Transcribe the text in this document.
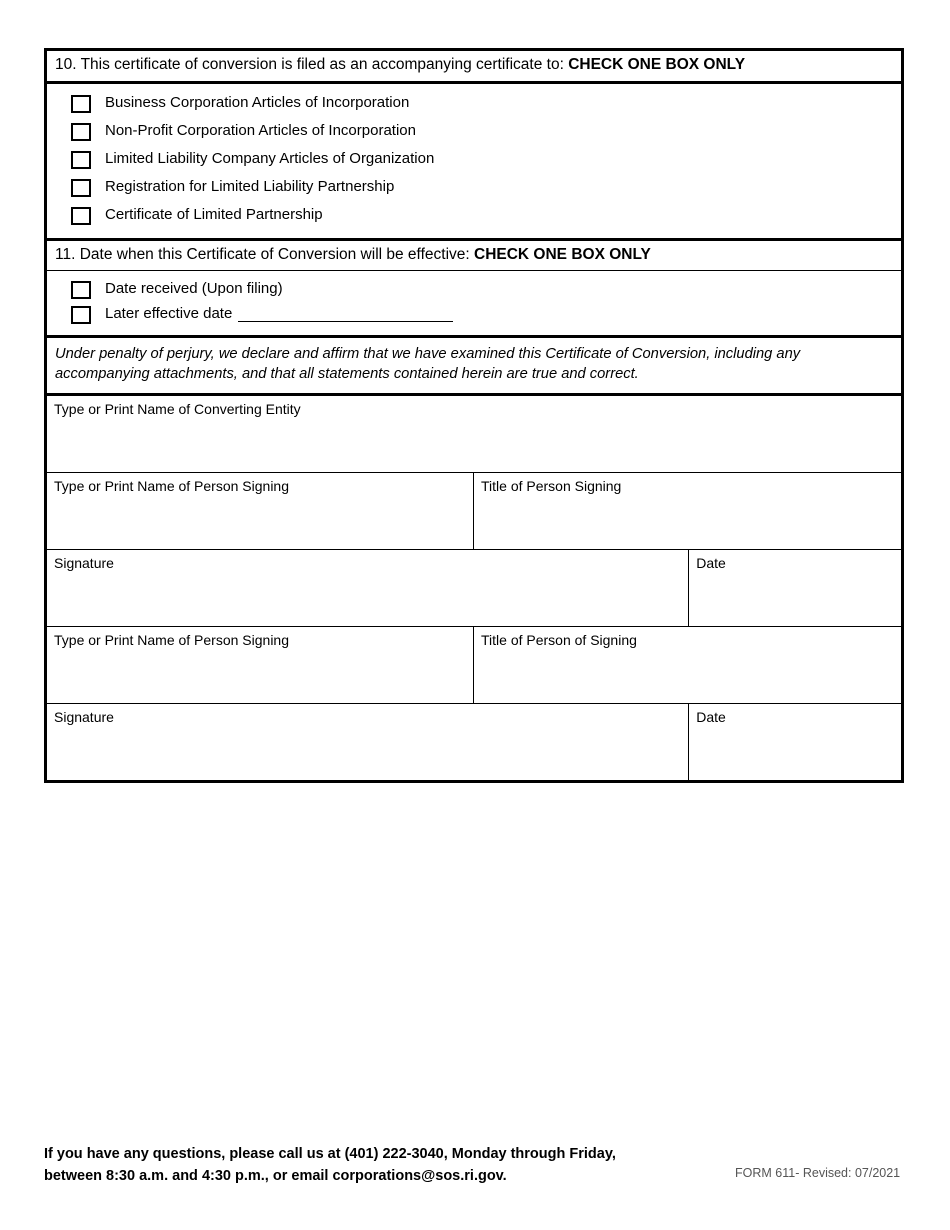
10. This certificate of conversion is filed as an accompanying certificate to: CHECK ONE BOX ONLY
Business Corporation Articles of Incorporation
Non-Profit Corporation Articles of Incorporation
Limited Liability Company Articles of Organization
Registration for Limited Liability Partnership
Certificate of Limited Partnership
11. Date when this Certificate of Conversion will be effective: CHECK ONE BOX ONLY
Date received (Upon filing)
Later effective date
Under penalty of perjury, we declare and affirm that we have examined this Certificate of Conversion, including any accompanying attachments, and that all statements contained herein are true and correct.
Type or Print Name of Converting Entity
Type or Print Name of Person Signing	Title of Person Signing
Signature	Date
Type or Print Name of Person Signing	Title of Person of Signing
Signature	Date
If you have any questions, please call us at (401) 222-3040, Monday through Friday,
between 8:30 a.m. and 4:30 p.m., or email corporations@sos.ri.gov.	FORM 611- Revised: 07/2021
